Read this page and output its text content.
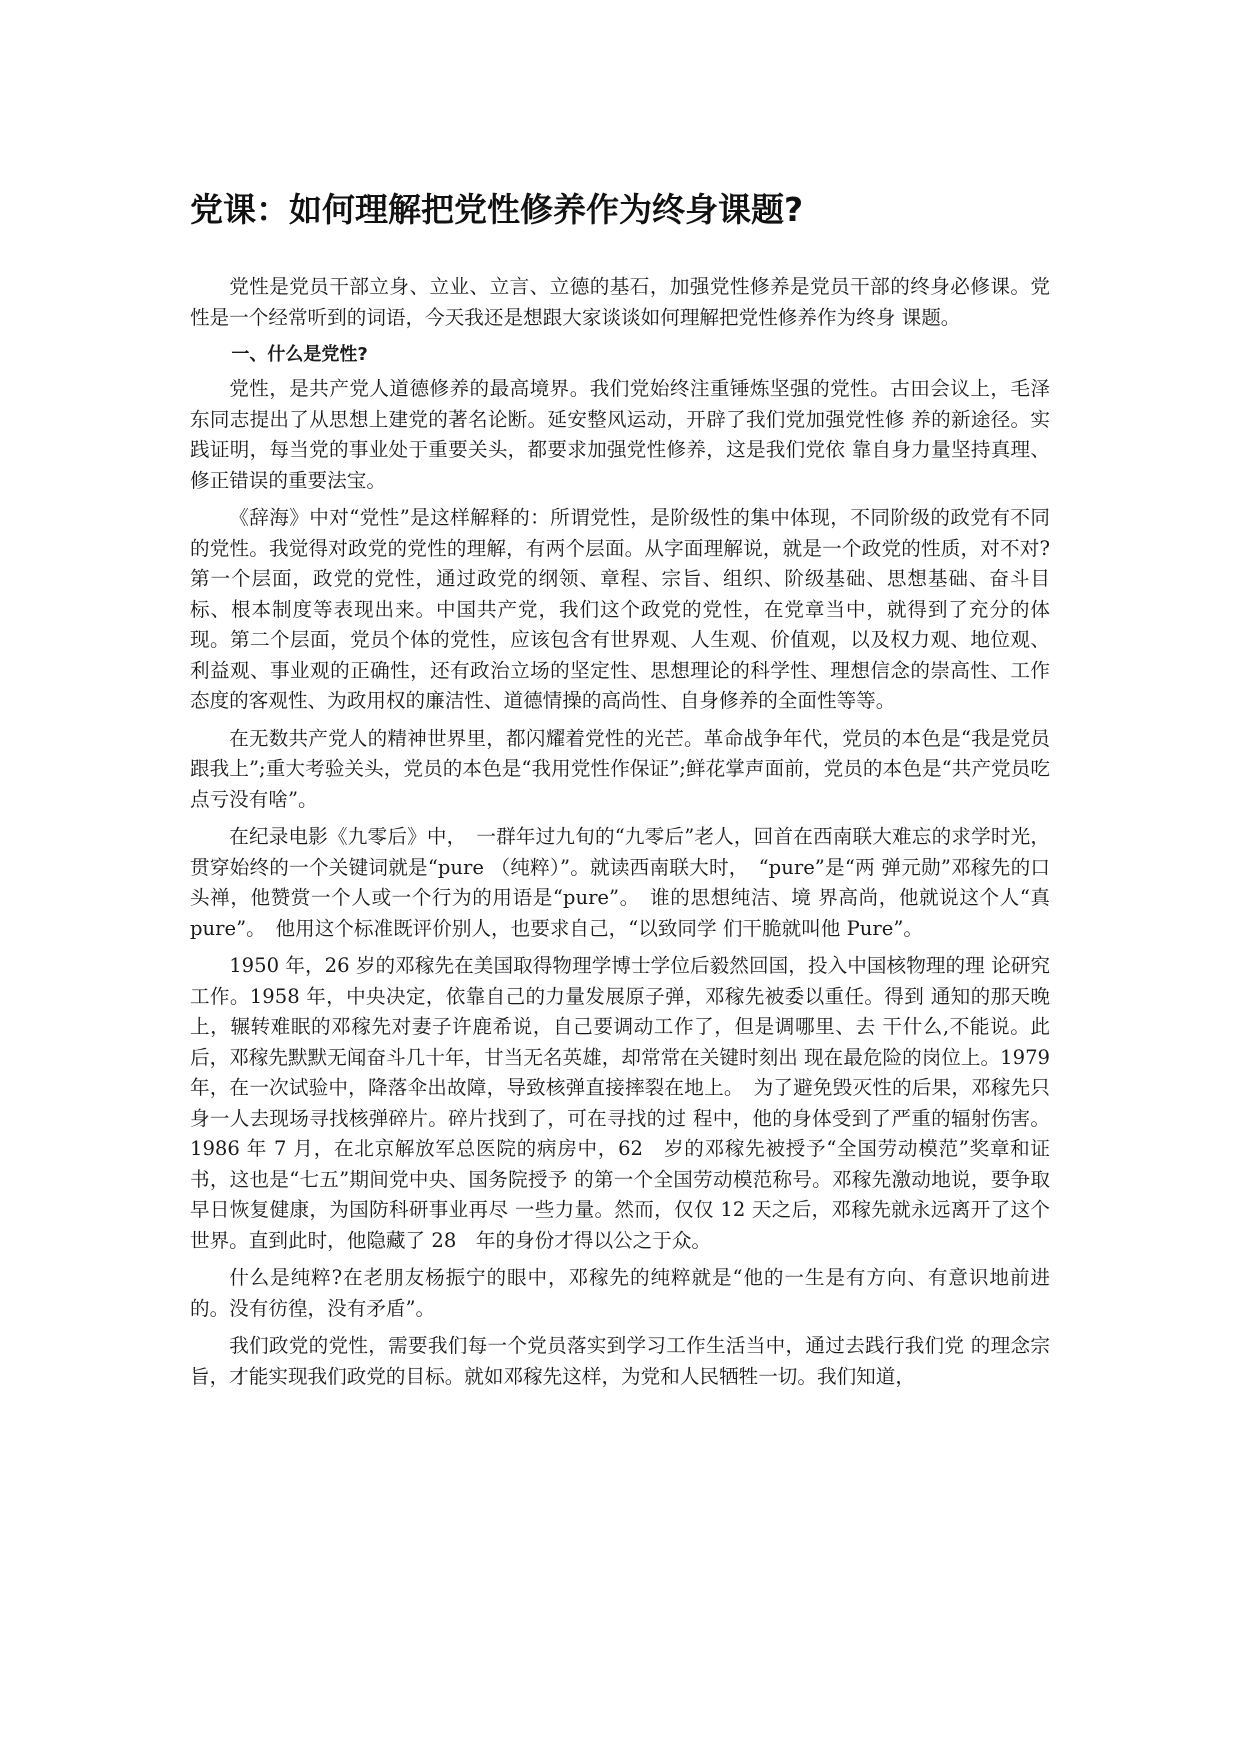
党课：如何理解把党性修养作为终身课题?

党性是党员干部立身、立业、立言、立德的基石，加强党性修养是党员干部的终身必修课。党性是一个经常听到的词语，今天我还是想跟大家谈谈如何理解把党性修养作为终身 课题。

一、什么是党性?

党性，是共产党人道德修养的最高境界。我们党始终注重锤炼坚强的党性。古田会议上，毛泽东同志提出了从思想上建党的著名论断。延安整风运动，开辟了我们党加强党性修 养的新途径。实践证明，每当党的事业处于重要关头，都要求加强党性修养，这是我们党依 靠自身力量坚持真理、修正错误的重要法宝。

《辞海》中对“党性”是这样解释的：所谓党性，是阶级性的集中体现，不同阶级的政党有不同的党性。我觉得对政党的党性的理解，有两个层面。从字面理解说，就是一个政党的性质，对不对?第一个层面，政党的党性，通过政党的纲领、章程、宗旨、组织、阶级基础、思想基础、奋斗目标、根本制度等表现出来。中国共产党，我们这个政党的党性，在党章当中，就得到了充分的体现。第二个层面，党员个体的党性，应该包含有世界观、人生观、价值观，以及权力观、地位观、利益观、事业观的正确性，还有政治立场的坚定性、思想理论的科学性、理想信念的崇高性、工作态度的客观性、为政用权的廉洁性、道德情操的高尚性、自身修养的全面性等等。

在无数共产党人的精神世界里，都闪耀着党性的光芒。革命战争年代，党员的本色是“我是党员跟我上”;重大考验关头，党员的本色是“我用党性作保证”;鲜花掌声面前，党员的本色是“共产党员吃点亏没有啥”。

在纪录电影《九零后》中，　一群年过九旬的“九零后”老人，回首在西南联大难忘的求学时光，贯穿始终的一个关键词就是“pure （纯粹）”。就读西南联大时，　“pure”是“两 弹元勋”邓稼先的口头禅，他赞赏一个人或一个行为的用语是“pure”。　谁的思想纯洁、境 界高尚，他就说这个人“真 pure”。　他用这个标准既评价别人，也要求自己，“以致同学 们干脆就叫他 Pure”。

1950 年，26 岁的邓稼先在美国取得物理学博士学位后毅然回国，投入中国核物理的理 论研究工作。1958 年，中央决定，依靠自己的力量发展原子弹，邓稼先被委以重任。得到 通知的那天晚上，辗转难眠的邓稼先对妻子许鹿希说，自己要调动工作了，但是调哪里、去 干什么,不能说。此后，邓稼先默默无闻奋斗几十年，甘当无名英雄，却常常在关键时刻出 现在最危险的岗位上。1979 年，在一次试验中，降落伞出故障，导致核弹直接摔裂在地上。　为了避免毁灭性的后果，邓稼先只身一人去现场寻找核弹碎片。碎片找到了，可在寻找的过 程中，他的身体受到了严重的辐射伤害。1986 年 7 月，在北京解放军总医院的病房中，62　岁的邓稼先被授予“全国劳动模范”奖章和证书，这也是“七五”期间党中央、国务院授予 的第一个全国劳动模范称号。邓稼先激动地说，要争取早日恢复健康，为国防科研事业再尽 一些力量。然而，仅仅 12 天之后，邓稼先就永远离开了这个世界。直到此时，他隐藏了 28　年的身份才得以公之于众。

什么是纯粹?在老朋友杨振宁的眼中，邓稼先的纯粹就是“他的一生是有方向、有意识地前进的。没有彷徨，没有矛盾”。

我们政党的党性，需要我们每一个党员落实到学习工作生活当中，通过去践行我们党 的理念宗旨，才能实现我们政党的目标。就如邓稼先这样，为党和人民牺牲一切。我们知道，
